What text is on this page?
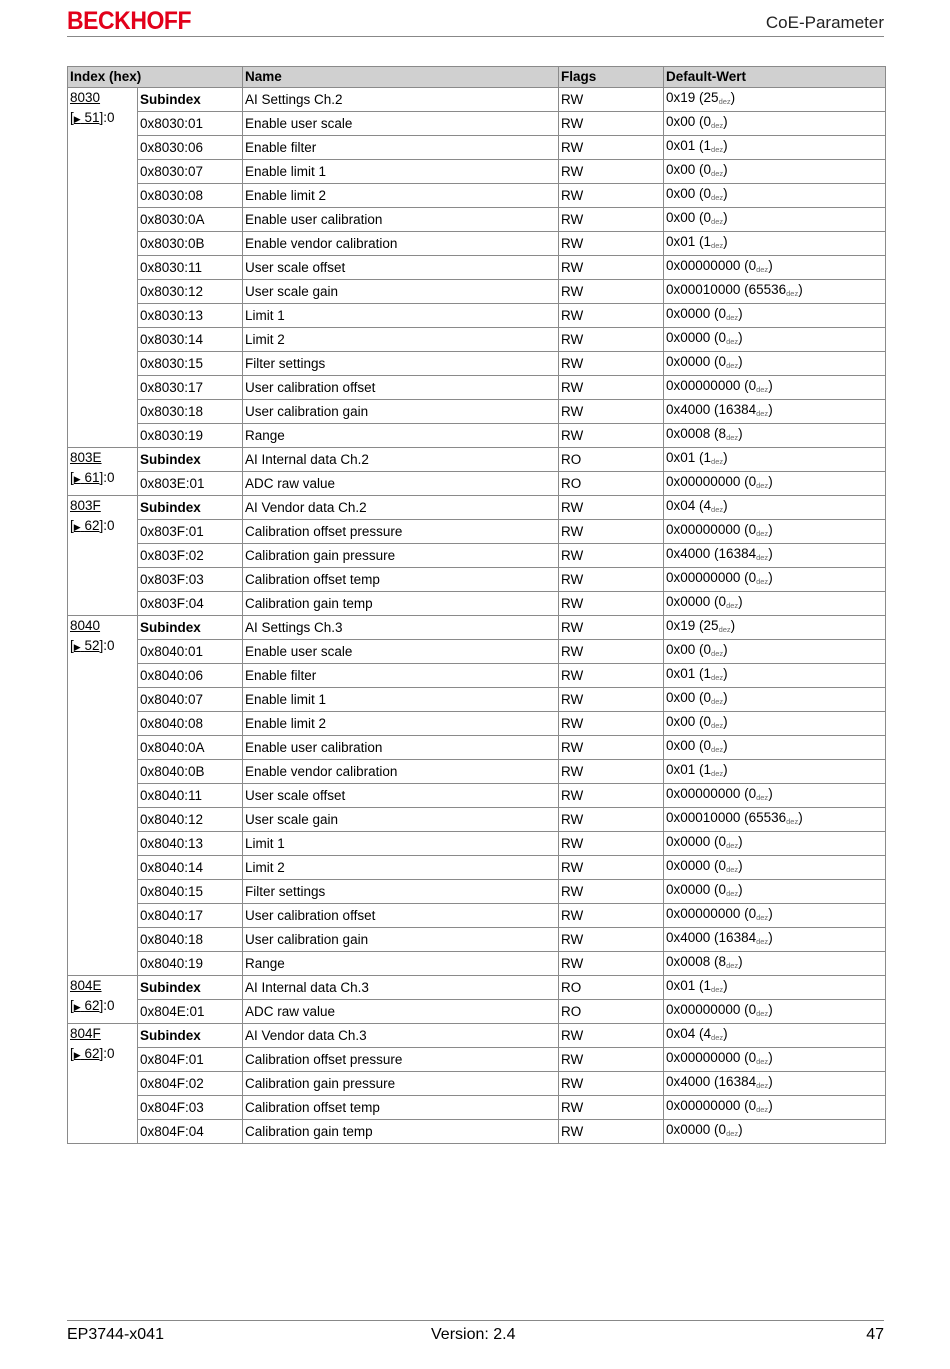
BECKHOFF	CoE-Parameter
Index (hex)		Name	Flags	Default-Wert
8030
[▶ 51]:0	Subindex	AI Settings Ch.2	RW	0x19 $(25_{dez})$
	0x8030:01	Enable user scale	RW	0x00 $(0_{dez})$
	0x8030:06	Enable filter	RW	0x01 $(1_{dez})$
	0x8030:07	Enable limit 1	RW	0x00 $(0_{dez})$
	0x8030:08	Enable limit 2	RW	0x00 $(0_{dez})$
	0x8030:0A	Enable user calibration	RW	0x00 $(0_{dez})$
	0x8030:0B	Enable vendor calibration	RW	0x01 $(1_{dez})$
	0x8030:11	User scale offset	RW	0x00000000 $(0_{dez})$
	0x8030:12	User scale gain	RW	0x00010000 $(65536_{dez})$
	0x8030:13	Limit 1	RW	0x0000 $(0_{dez})$
	0x8030:14	Limit 2	RW	0x0000 $(0_{dez})$
	0x8030:15	Filter settings	RW	0x0000 $(0_{dez})$
	0x8030:17	User calibration offset	RW	0x00000000 $(0_{dez})$
	0x8030:18	User calibration gain	RW	0x4000 $(16384_{dez})$
	0x8030:19	Range	RW	0x0008 $(8_{dez})$
803E
[▶ 61]:0	Subindex	AI Internal data Ch.2	RO	0x01 $(1_{dez})$
	0x803E:01	ADC raw value	RO	0x00000000 $(0_{dez})$
803F
[▶ 62]:0	Subindex	AI Vendor data Ch.2	RW	0x04 $(4_{dez})$
	0x803F:01	Calibration offset pressure	RW	0x00000000 $(0_{dez})$
	0x803F:02	Calibration gain pressure	RW	0x4000 $(16384_{dez})$
	0x803F:03	Calibration offset temp	RW	0x00000000 $(0_{dez})$
	0x803F:04	Calibration gain temp	RW	0x0000 $(0_{dez})$
8040
[▶ 52]:0	Subindex	AI Settings Ch.3	RW	0x19 $(25_{dez})$
	0x8040:01	Enable user scale	RW	0x00 $(0_{dez})$
	0x8040:06	Enable filter	RW	0x01 $(1_{dez})$
	0x8040:07	Enable limit 1	RW	0x00 $(0_{dez})$
	0x8040:08	Enable limit 2	RW	0x00 $(0_{dez})$
	0x8040:0A	Enable user calibration	RW	0x00 $(0_{dez})$
	0x8040:0B	Enable vendor calibration	RW	0x01 $(1_{dez})$
	0x8040:11	User scale offset	RW	0x00000000 $(0_{dez})$
	0x8040:12	User scale gain	RW	0x00010000 $(65536_{dez})$
	0x8040:13	Limit 1	RW	0x0000 $(0_{dez})$
	0x8040:14	Limit 2	RW	0x0000 $(0_{dez})$
	0x8040:15	Filter settings	RW	0x0000 $(0_{dez})$
	0x8040:17	User calibration offset	RW	0x00000000 $(0_{dez})$
	0x8040:18	User calibration gain	RW	0x4000 $(16384_{dez})$
	0x8040:19	Range	RW	0x0008 $(8_{dez})$
804E
[▶ 62]:0	Subindex	AI Internal data Ch.3	RO	0x01 $(1_{dez})$
	0x804E:01	ADC raw value	RO	0x00000000 $(0_{dez})$
804F
[▶ 62]:0	Subindex	AI Vendor data Ch.3	RW	0x04 $(4_{dez})$
	0x804F:01	Calibration offset pressure	RW	0x00000000 $(0_{dez})$
	0x804F:02	Calibration gain pressure	RW	0x4000 $(16384_{dez})$
	0x804F:03	Calibration offset temp	RW	0x00000000 $(0_{dez})$
	0x804F:04	Calibration gain temp	RW	0x0000 $(0_{dez})$
EP3744-x041	Version: 2.4	47
